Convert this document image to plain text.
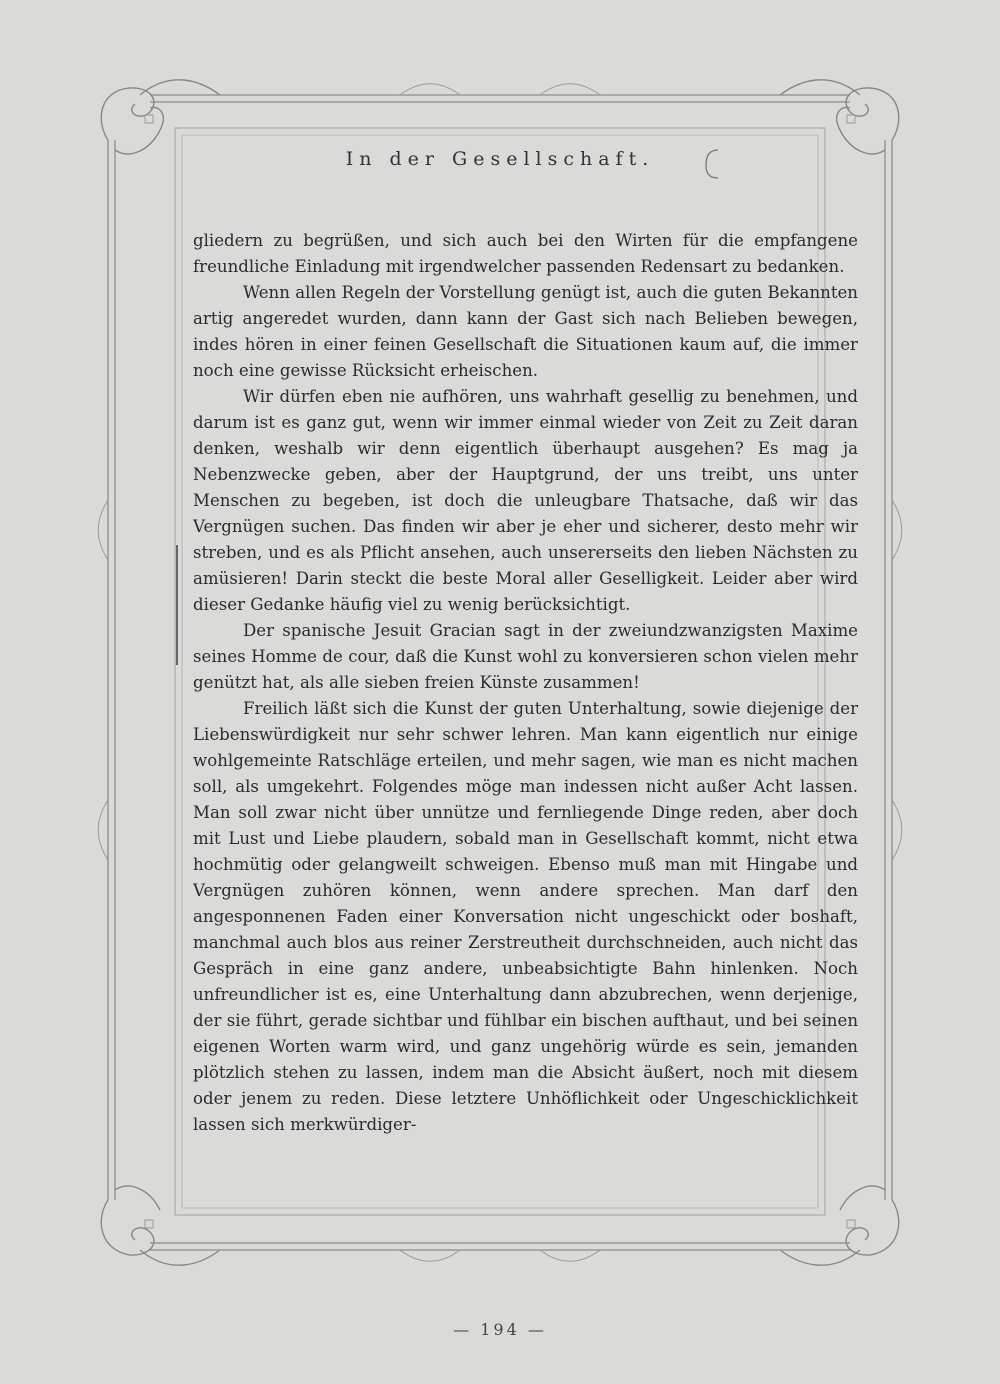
In der Gesellschaft.

gliedern zu begrüßen, und sich auch bei den Wirten für die empfangene freundliche Einladung mit irgendwelcher passenden Redensart zu bedanken.

Wenn allen Regeln der Vorstellung genügt ist, auch die guten Bekannten artig angeredet wurden, dann kann der Gast sich nach Belieben bewegen, indes hören in einer feinen Gesellschaft die Situationen kaum auf, die immer noch eine gewisse Rücksicht erheischen.

Wir dürfen eben nie aufhören, uns wahrhaft gesellig zu benehmen, und darum ist es ganz gut, wenn wir immer einmal wieder von Zeit zu Zeit daran denken, weshalb wir denn eigentlich überhaupt ausgehen? Es mag ja Nebenzwecke geben, aber der Hauptgrund, der uns treibt, uns unter Menschen zu begeben, ist doch die unleugbare Thatsache, daß wir das Vergnügen suchen. Das finden wir aber je eher und sicherer, desto mehr wir streben, und es als Pflicht ansehen, auch unsererseits den lieben Nächsten zu amüsieren! Darin steckt die beste Moral aller Geselligkeit. Leider aber wird dieser Gedanke häufig viel zu wenig berücksichtigt.

Der spanische Jesuit Gracian sagt in der zweiundzwanzigsten Maxime seines Homme de cour, daß die Kunst wohl zu konversieren schon vielen mehr genützt hat, als alle sieben freien Künste zusammen!

Freilich läßt sich die Kunst der guten Unterhaltung, sowie diejenige der Liebenswürdigkeit nur sehr schwer lehren. Man kann eigentlich nur einige wohlgemeinte Ratschläge erteilen, und mehr sagen, wie man es nicht machen soll, als umgekehrt. Folgendes möge man indessen nicht außer Acht lassen. Man soll zwar nicht über unnütze und fernliegende Dinge reden, aber doch mit Lust und Liebe plaudern, sobald man in Gesellschaft kommt, nicht etwa hochmütig oder gelangweilt schweigen. Ebenso muß man mit Hingabe und Vergnügen zuhören können, wenn andere sprechen. Man darf den angesponnenen Faden einer Konversation nicht ungeschickt oder boshaft, manchmal auch blos aus reiner Zerstreutheit durchschneiden, auch nicht das Gespräch in eine ganz andere, unbeabsichtigte Bahn hinlenken. Noch unfreundlicher ist es, eine Unterhaltung dann abzubrechen, wenn derjenige, der sie führt, gerade sichtbar und fühlbar ein bischen aufthaut, und bei seinen eigenen Worten warm wird, und ganz ungehörig würde es sein, jemanden plötzlich stehen zu lassen, indem man die Absicht äußert, noch mit diesem oder jenem zu reden. Diese letztere Unhöflichkeit oder Ungeschicklichkeit lassen sich merkwürdiger-

— 194 —
